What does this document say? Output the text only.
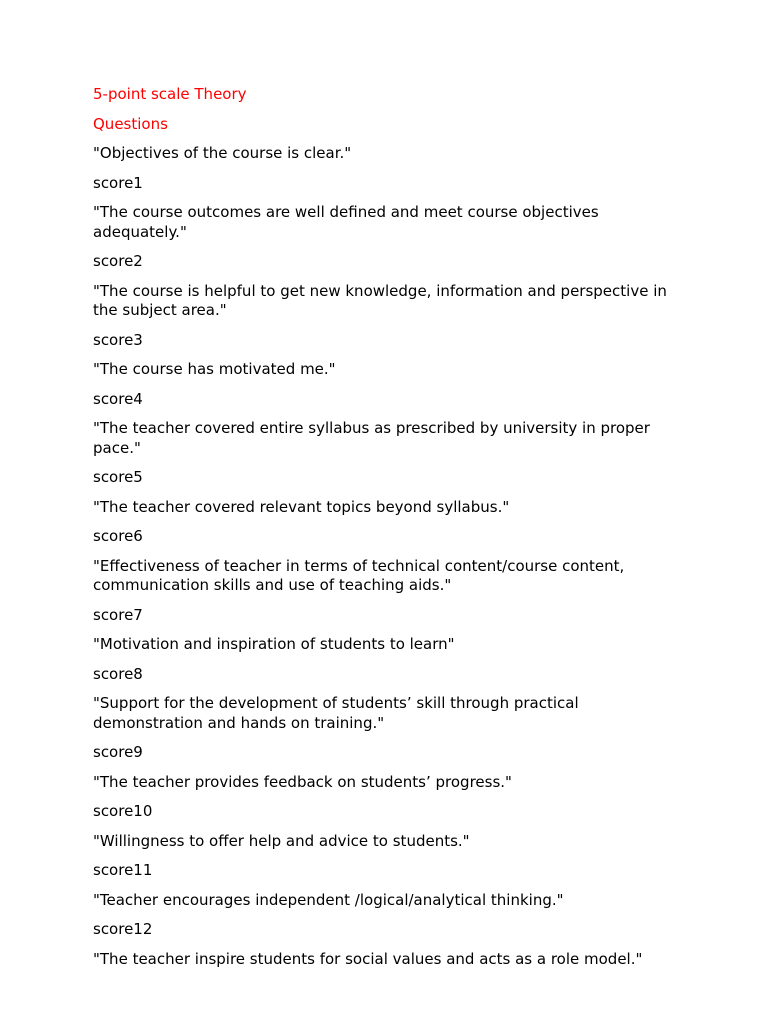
5-point scale Theory

Questions

"Objectives of the course is clear."

score1

"The course outcomes are well defined and meet course objectives adequately."

score2

"The course is helpful to get new knowledge, information and perspective in the subject area."

score3

"The course has motivated me."

score4

"The teacher covered entire syllabus as prescribed by university in proper pace."

score5

"The teacher covered relevant topics beyond syllabus."

score6

"Effectiveness of teacher in terms of technical content/course content, communication skills and use of teaching aids."

score7

"Motivation and inspiration of students to learn"

score8

"Support for the development of students’ skill through practical demonstration and hands on training."

score9

"The teacher provides feedback on students’ progress."

score10

"Willingness to offer help and advice to students."

score11

"Teacher encourages independent /logical/analytical thinking."

score12

"The teacher inspire students for social values and acts as a role model."
